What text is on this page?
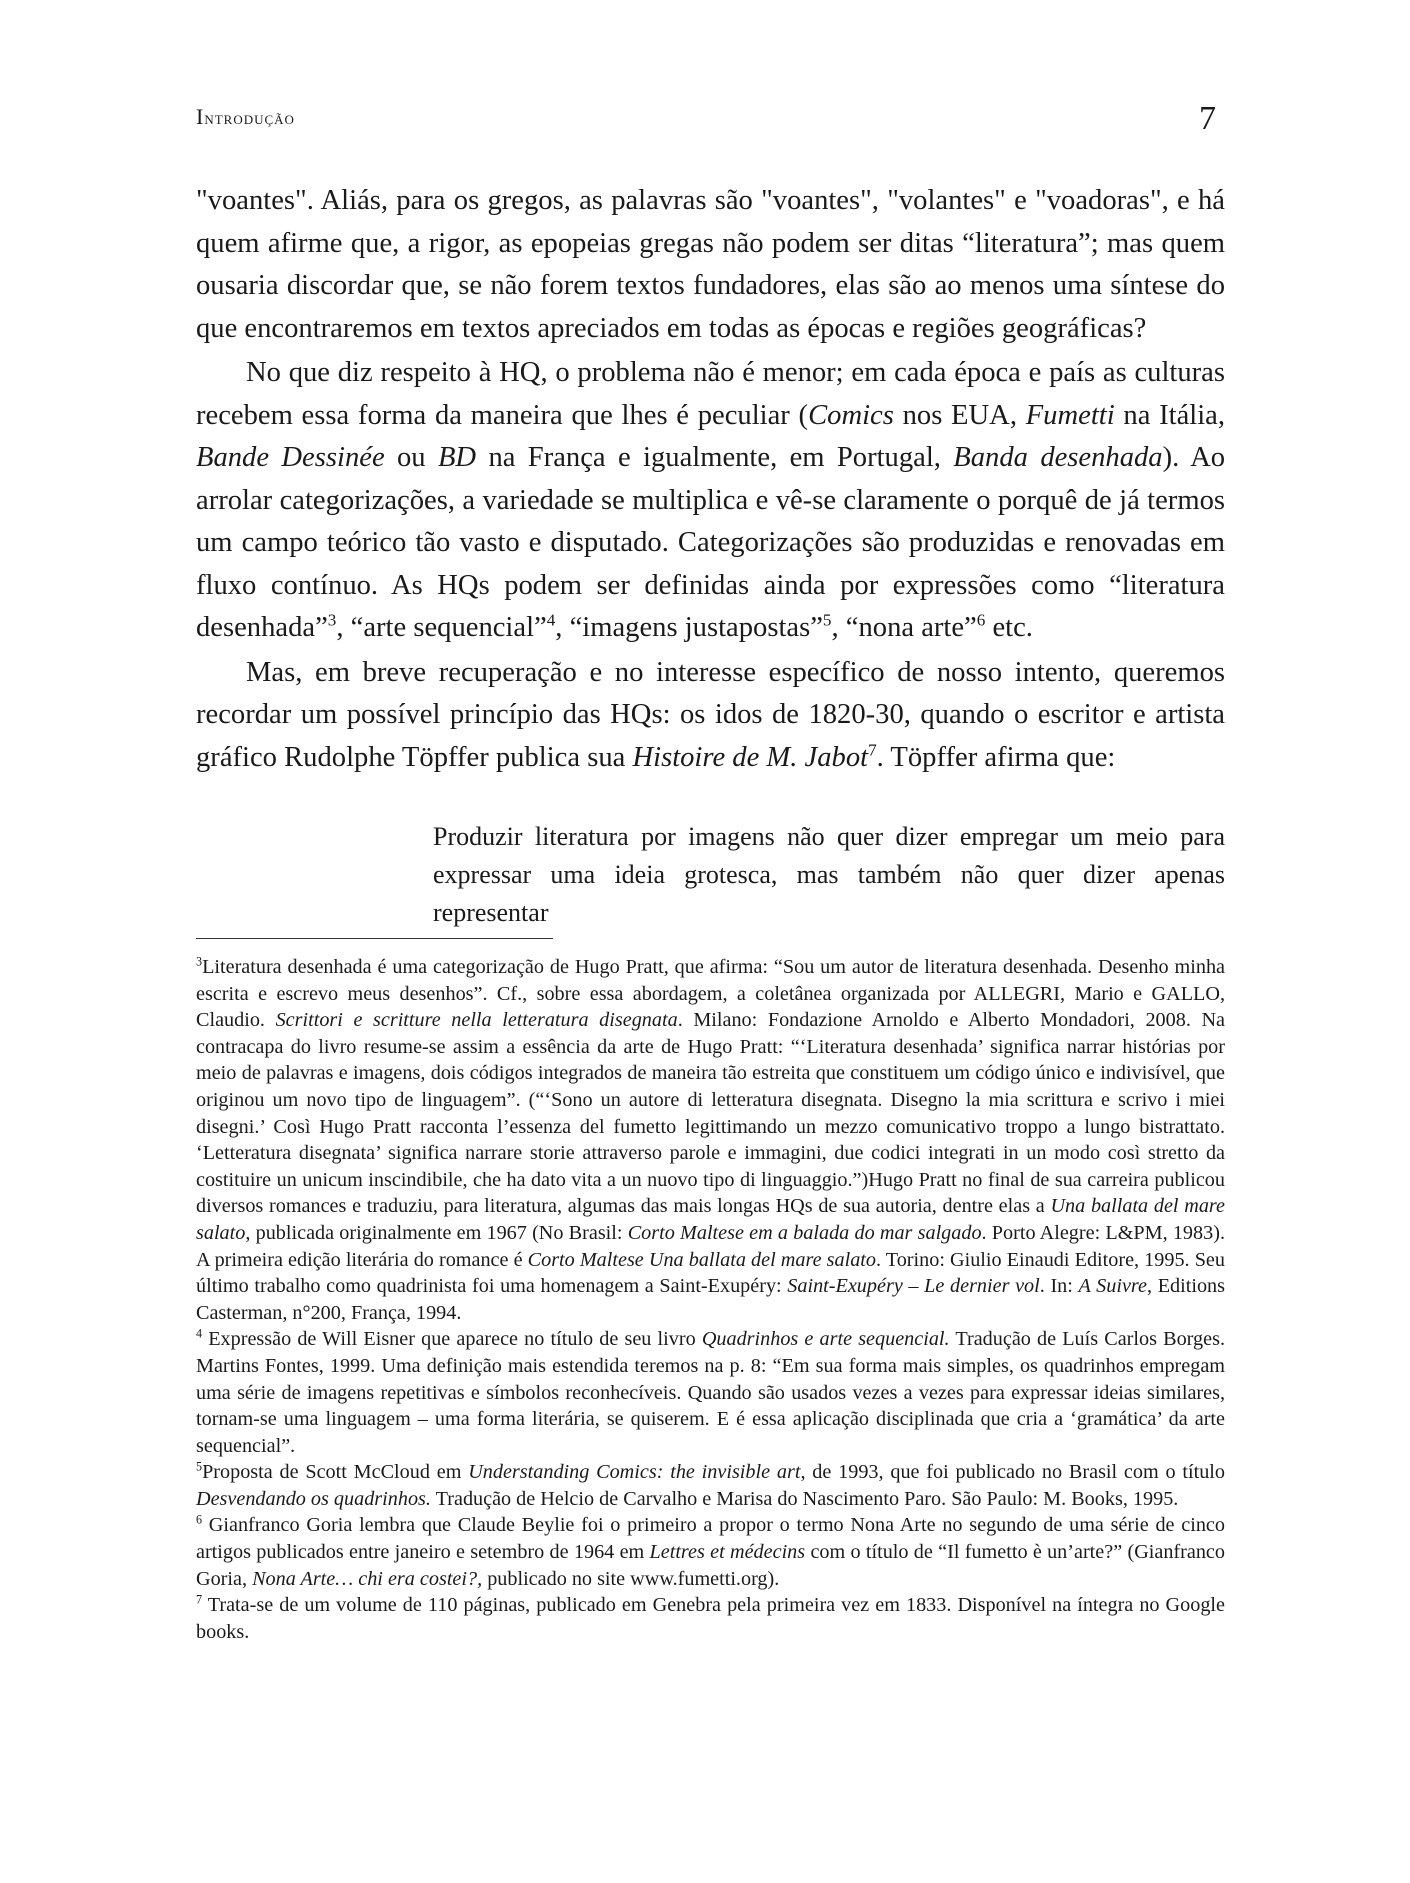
Introdução	7

"voantes". Aliás, para os gregos, as palavras são "voantes", "volantes" e "voadoras", e há quem afirme que, a rigor, as epopeias gregas não podem ser ditas “literatura”; mas quem ousaria discordar que, se não forem textos fundadores, elas são ao menos uma síntese do que encontraremos em textos apreciados em todas as épocas e regiões geográficas?

No que diz respeito à HQ, o problema não é menor; em cada época e país as culturas recebem essa forma da maneira que lhes é peculiar (Comics nos EUA, Fumetti na Itália, Bande Dessinée ou BD na França e igualmente, em Portugal, Banda desenhada). Ao arrolar categorizações, a variedade se multiplica e vê-se claramente o porquê de já termos um campo teórico tão vasto e disputado. Categorizações são produzidas e renovadas em fluxo contínuo. As HQs podem ser definidas ainda por expressões como “literatura desenhada”$^3$, “arte sequencial”$^4$, “imagens justapostas”$^5$, “nona arte”$^6$ etc.

Mas, em breve recuperação e no interesse específico de nosso intento, queremos recordar um possível princípio das HQs: os idos de 1820-30, quando o escritor e artista gráfico Rudolphe Töpffer publica sua Histoire de M. Jabot$^7$. Töpffer afirma que:

Produzir literatura por imagens não quer dizer empregar um meio para expressar uma ideia grotesca, mas também não quer dizer apenas representar

$^3$Literatura desenhada é uma categorização de Hugo Pratt, que afirma: “Sou um autor de literatura desenhada. Desenho minha escrita e escrevo meus desenhos”. Cf., sobre essa abordagem, a coletânea organizada por ALLEGRI, Mario e GALLO, Claudio. Scrittori e scritture nella letteratura disegnata. Milano: Fondazione Arnoldo e Alberto Mondadori, 2008. Na contracapa do livro resume-se assim a essência da arte de Hugo Pratt: “‘Literatura desenhada’ significa narrar histórias por meio de palavras e imagens, dois códigos integrados de maneira tão estreita que constituem um código único e indivisível, que originou um novo tipo de linguagem”. (“‘Sono un autore di letteratura disegnata. Disegno la mia scrittura e scrivo i miei disegni.’ Così Hugo Pratt racconta l’essenza del fumetto legittimando un mezzo comunicativo troppo a lungo bistrattato. ‘Letteratura disegnata’ significa narrare storie attraverso parole e immagini, due codici integrati in un modo così stretto da costituire un unicum inscindibile, che ha dato vita a un nuovo tipo di linguaggio.”)Hugo Pratt no final de sua carreira publicou diversos romances e traduziu, para literatura, algumas das mais longas HQs de sua autoria, dentre elas a Una ballata del mare salato, publicada originalmente em 1967 (No Brasil: Corto Maltese em a balada do mar salgado. Porto Alegre: L&PM, 1983). A primeira edição literária do romance é Corto Maltese Una ballata del mare salato. Torino: Giulio Einaudi Editore, 1995. Seu último trabalho como quadrinista foi uma homenagem a Saint-Exupéry: Saint-Exupéry – Le dernier vol. In: A Suivre, Editions Casterman, n°200, França, 1994.

$^4$ Expressão de Will Eisner que aparece no título de seu livro Quadrinhos e arte sequencial. Tradução de Luís Carlos Borges. Martins Fontes, 1999. Uma definição mais estendida teremos na p. 8: “Em sua forma mais simples, os quadrinhos empregam uma série de imagens repetitivas e símbolos reconhecíveis. Quando são usados vezes a vezes para expressar ideias similares, tornam-se uma linguagem – uma forma literária, se quiserem. E é essa aplicação disciplinada que cria a ‘gramática’ da arte sequencial”.

$^5$Proposta de Scott McCloud em Understanding Comics: the invisible art, de 1993, que foi publicado no Brasil com o título Desvendando os quadrinhos. Tradução de Helcio de Carvalho e Marisa do Nascimento Paro. São Paulo: M. Books, 1995.

$^6$ Gianfranco Goria lembra que Claude Beylie foi o primeiro a propor o termo Nona Arte no segundo de uma série de cinco artigos publicados entre janeiro e setembro de 1964 em Lettres et médecins com o título de “Il fumetto è un’arte?” (Gianfranco Goria, Nona Arte… chi era costei?, publicado no site www.fumetti.org).

$^7$ Trata-se de um volume de 110 páginas, publicado em Genebra pela primeira vez em 1833. Disponível na íntegra no Google books.
